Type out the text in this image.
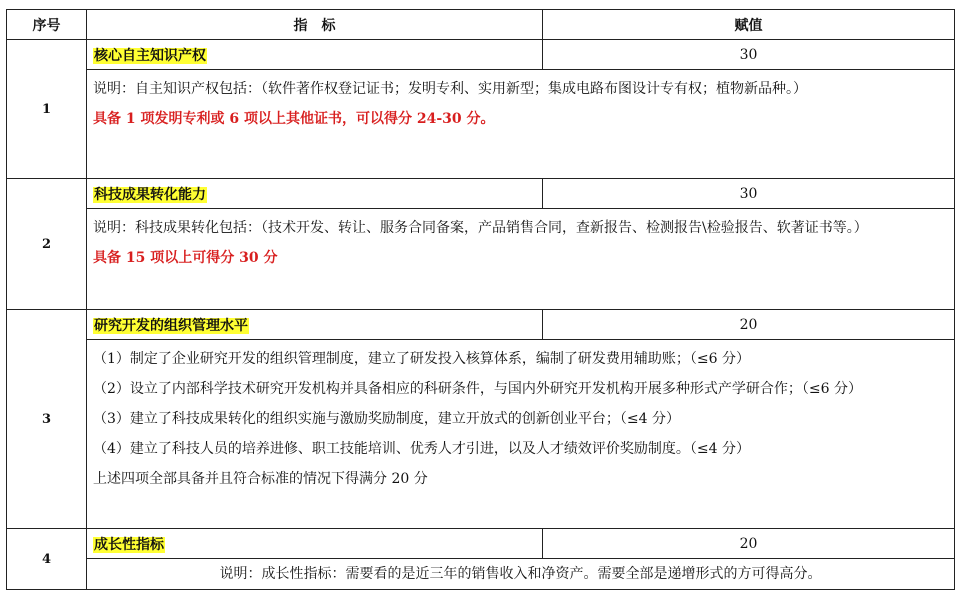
序号	指　标	赋值
1	核心自主知识产权	30

	说明：自主知识产权包括：（软件著作权登记证书；发明专利、实用新型；集成电路布图设计专有权；植物新品种。）

具备 1 项发明专利或 6 项以上其他证书，可以得分 24-30 分。	

2	科技成果转化能力	30

	说明：科技成果转化包括：（技术开发、转让、服务合同备案，产品销售合同，查新报告、检测报告\检验报告、软著证书等。）

具备 15 项以上可得分 30 分	

3	研究开发的组织管理水平	20

	（1）制定了企业研究开发的组织管理制度，建立了研发投入核算体系，编制了研发费用辅助账；（≤6 分）

（2）设立了内部科学技术研究开发机构并具备相应的科研条件，与国内外研究开发机构开展多种形式产学研合作；（≤6 分）

（3）建立了科技成果转化的组织实施与激励奖励制度，建立开放式的创新创业平台；（≤4 分）

（4）建立了科技人员的培养进修、职工技能培训、优秀人才引进，以及人才绩效评价奖励制度。（≤4 分）

上述四项全部具备并且符合标准的情况下得满分 20 分	

4	成长性指标	20

	说明：成长性指标：需要看的是近三年的销售收入和净资产。需要全部是递增形式的方可得高分。	
